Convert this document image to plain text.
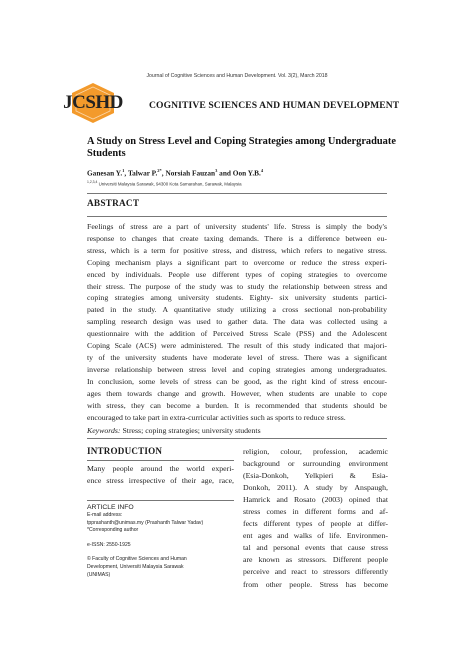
Journal of Cognitive Sciences and Human Development. Vol. 3(2), March 2018
JCSHD	COGNITIVE SCIENCES AND HUMAN DEVELOPMENT
A Study on Stress Level and Coping Strategies among Undergraduate Students
Ganesan Y.$^1$, Talwar P.$^{2*}$, Norsiah Fauzan$^3$ and Oon Y.B.$^4$
$^{1,2,3,4}$ Universiti Malaysia Sarawak, 94300 Kota Samarahan, Sarawak, Malaysia
ABSTRACT
Feelings of stress are a part of university students' life. Stress is simply the body's
response to changes that create taxing demands. There is a difference between eu-
stress, which is a term for positive stress, and distress, which refers to negative stress.
Coping mechanism plays a significant part to overcome or reduce the stress experi-
enced by individuals. People use different types of coping strategies to overcome
their stress. The purpose of the study was to study the relationship between stress and
coping strategies among university students. Eighty- six university students partici-
pated in the study. A quantitative study utilizing a cross sectional non-probability
sampling research design was used to gather data. The data was collected using a
questionnaire with the addition of Perceived Stress Scale (PSS) and the Adolescent
Coping Scale (ACS) were administered. The result of this study indicated that majori-
ty of the university students have moderate level of stress. There was a significant
inverse relationship between stress level and coping strategies among undergraduates.
In conclusion, some levels of stress can be good, as the right kind of stress encour-
ages them towards change and growth. However, when students are unable to cope
with stress, they can become a burden. It is recommended that students should be
encouraged to take part in extra-curricular activities such as sports to reduce stress.
Keywords: Stress; coping strategies; university students
INTRODUCTION
Many people around the world experi-
ence stress irrespective of their age, race,
ARTICLE INFO
E-mail address:
tpprashanth@unimas.my (Prashanth Talwar Yadav)
*Corresponding author
e-ISSN: 2550-1925
© Faculty of Cognitive Sciences and Human
Development, Universiti Malaysia Sarawak
(UNIMAS)
religion, colour, profession, academic
background or surrounding environment
(Esia-Donkoh, Yelkpieri & Esia-
Donkoh, 2011). A study by Anspaugh,
Hamrick and Rosato (2003) opined that
stress comes in different forms and af-
fects different types of people at differ-
ent ages and walks of life. Environmen-
tal and personal events that cause stress
are known as stressors. Different people
perceive and react to stressors differently
from other people. Stress has become
